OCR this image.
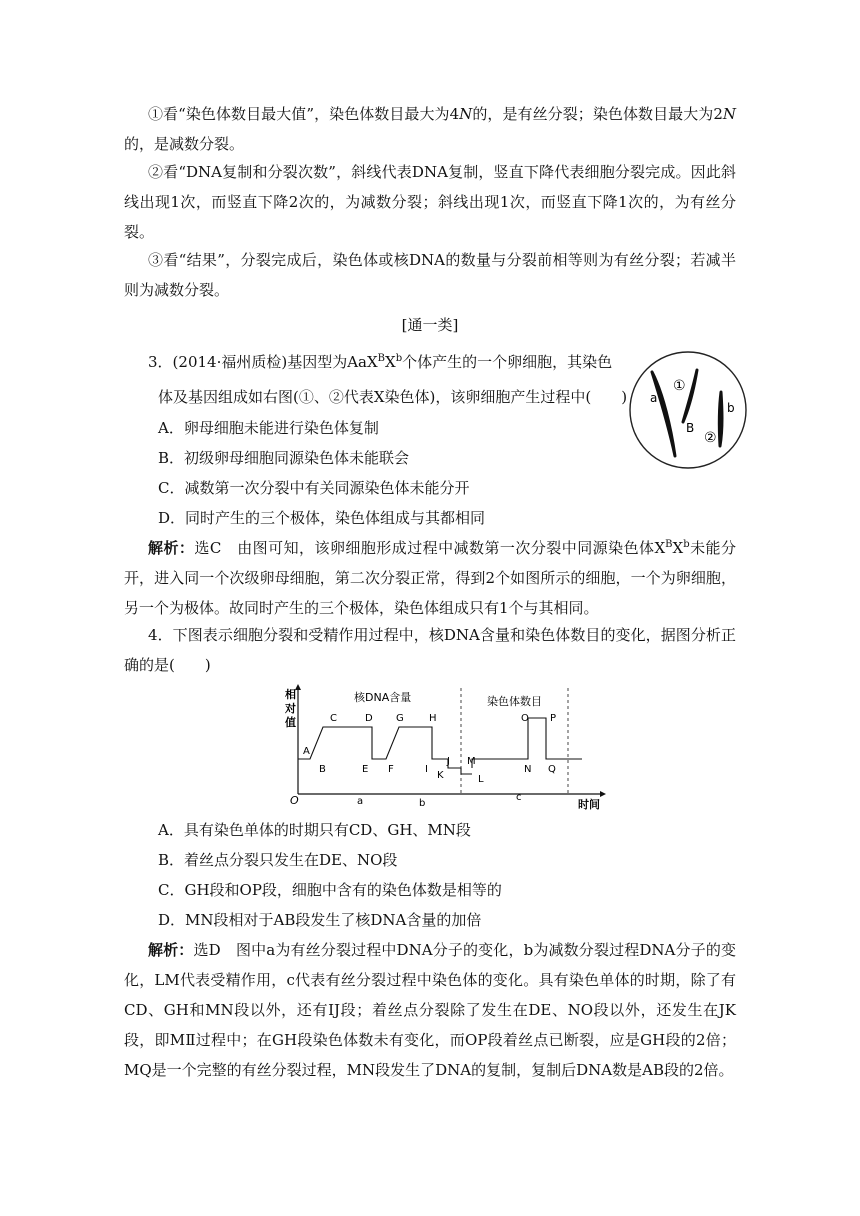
①看“染色体数目最大值”，染色体数目最大为4N的，是有丝分裂；染色体数目最大为2N的，是减数分裂。
②看“DNA复制和分裂次数”，斜线代表DNA复制，竖直下降代表细胞分裂完成。因此斜线出现1次，而竖直下降2次的，为减数分裂；斜线出现1次，而竖直下降1次的，为有丝分裂。
③看“结果”，分裂完成后，染色体或核DNA的数量与分裂前相等则为有丝分裂；若减半则为减数分裂。
[通一类]
3．(2014·福州质检)基因型为$AaX^BX^b$个体产生的一个卵细胞，其染色
体及基因组成如右图(①、②代表X染色体)，该卵细胞产生过程中(　　)
A．卵母细胞未能进行染色体复制
B．初级卵母细胞同源染色体未能联会
C．减数第一次分裂中有关同源染色体未能分开
D．同时产生的三个极体，染色体组成与其都相同
a
①
B
②
b
解析：选C　由图可知，该卵细胞形成过程中减数第一次分裂中同源染色体$X^BX^b$未能分开，进入同一个次级卵母细胞，第二次分裂正常，得到2个如图所示的细胞，一个为卵细胞，另一个为极体。故同时产生的三个极体，染色体组成只有1个与其相同。
4．下图表示细胞分裂和受精作用过程中，核DNA含量和染色体数目的变化，据图分析正确的是(　　)
相
对
值
核DNA含量	染色体数目
A
B
C	D
E F
G	H
I
J
K	L
M
N
O P
Q
a	b
c
O	时间
A．具有染色单体的时期只有CD、GH、MN段
B．着丝点分裂只发生在DE、NO段
C．GH段和OP段，细胞中含有的染色体数是相等的
D．MN段相对于AB段发生了核DNA含量的加倍
解析：选D　图中a为有丝分裂过程中DNA分子的变化，b为减数分裂过程DNA分子的变化，LM代表受精作用，c代表有丝分裂过程中染色体的变化。具有染色单体的时期，除了有CD、GH和MN段以外，还有IJ段；着丝点分裂除了发生在DE、NO段以外，还发生在JK段，即MⅡ过程中；在GH段染色体数未有变化，而OP段着丝点已断裂，应是GH段的2倍；MQ是一个完整的有丝分裂过程，MN段发生了DNA的复制，复制后DNA数是AB段的2倍。
